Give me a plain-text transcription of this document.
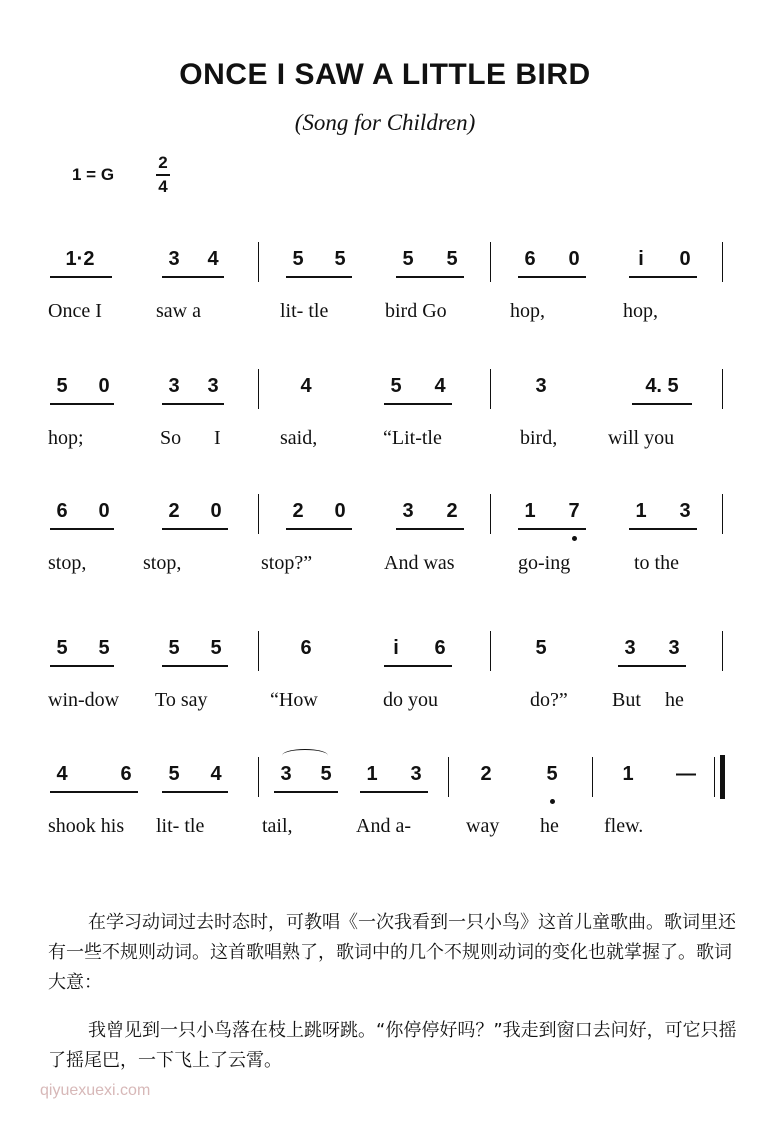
ONCE I SAW A LITTLE BIRD
(Song for Children)
1 = G
2
4
1·2	3	4	5	5	5	5	6	0	i	0
Once I	saw a	lit- tle	bird Go	hop,	hop,
5	0	3	3	4	5	4	3	4. 5
hop;	So I	said,	“Lit-tle	bird,	will you
6	0	2	0	2	0	3	2	1	7	1	3
stop,	stop,	stop?”	And was	go-ing	to the
5	5	5	5	6	i	6	5	3	3
win-dow To say	“How	do you	do?” But he
4	6	5	4	3	5	1	3	2	5	1	—
shook his lit- tle	tail,	And a-	way he flew.
在学习动词过去时态时，可教唱《一次我看到一只小鸟》这首儿童歌曲。歌词里还有一些不规则动词。这首歌唱熟了，歌词中的几个不规则动词的变化也就掌握了。歌词大意：
我曾见到一只小鸟落在枝上跳呀跳。“你停停好吗？”我走到窗口去问好，可它只摇了摇尾巴，一下飞上了云霄。
qiyuexuexi.com
